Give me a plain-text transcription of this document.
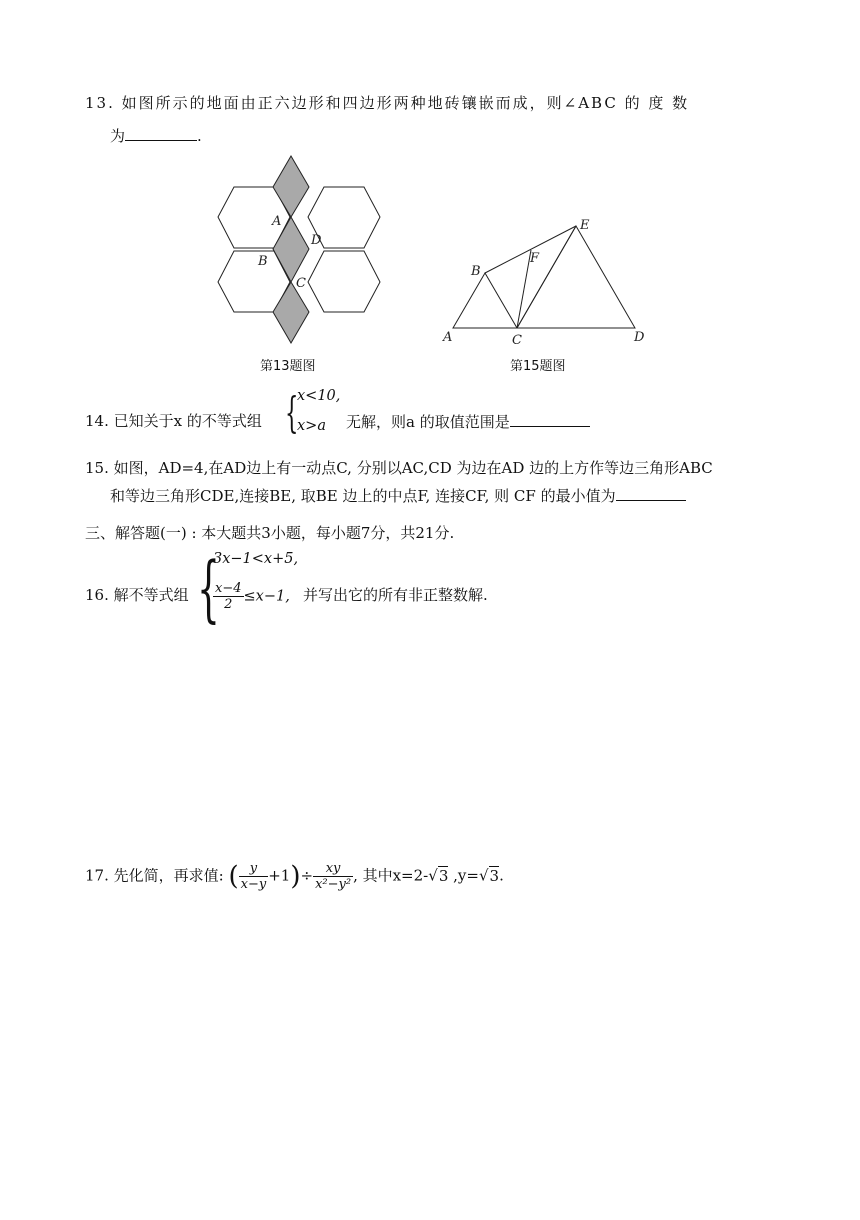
13. 如图所示的地面由正六边形和四边形两种地砖镶嵌而成，则∠ABC 的 度 数
为	.
A
B
C
D
第13题图
A
B
C	D
E
F
第15题图
14. 已知关于x 的不等式组 {
x<10,
x>a 无解，则a 的取值范围是
15. 如图，AD=4,在AD边上有一动点C, 分别以AC,CD 为边在AD 边的上方作等边三角形ABC
和等边三角形CDE,连接BE, 取BE 边上的中点F, 连接CF, 则 CF 的最小值为
三、解答题(一) : 本大题共3小题，每小题7分，共21分.
16. 解不等式组 {
3x−1<x+5,
$\frac{x-4}{2} \le x-1$, 并写出它的所有非正整数解.
17. 先化简，再求值: ( $\frac{y}{x-y} +1)\div \frac{xy}{\text{x²−y²}}$ , 其中x=2-√3 ,y=√3.
